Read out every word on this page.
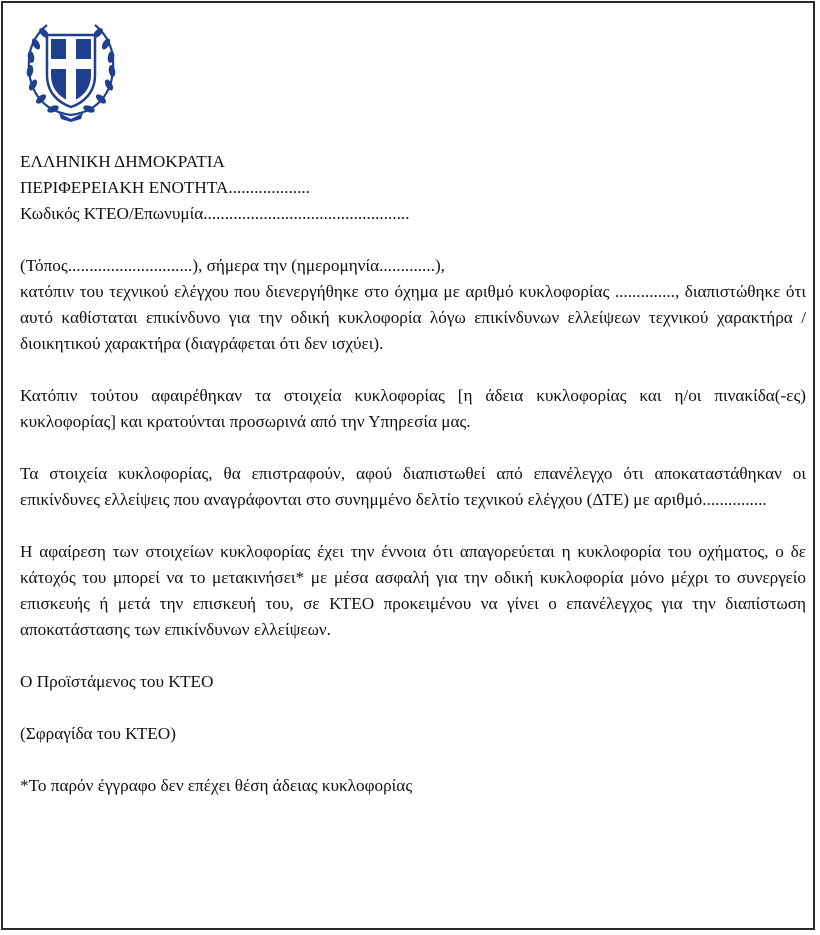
ΕΛΛΗΝΙΚΗ ΔΗΜΟΚΡΑΤΙΑ
ΠΕΡΙΦΕΡΕΙΑΚΗ ΕΝΟΤΗΤΑ...................
Κωδικός ΚΤΕΟ/Επωνυμία................................................

(Τόπος.............................), σήμερα την (ημερομηνία.............),

κατόπιν του τεχνικού ελέγχου που διενεργήθηκε στο όχημα με αριθμό κυκλοφορίας .............., διαπιστώθηκε ότι αυτό καθίσταται επικίνδυνο για την οδική κυκλοφορία λόγω επικίνδυνων ελλείψεων τεχνικού χαρακτήρα / διοικητικού χαρακτήρα (διαγράφεται ότι δεν ισχύει).

Κατόπιν τούτου αφαιρέθηκαν τα στοιχεία κυκλοφορίας [η άδεια κυκλοφορίας και η/οι πινακίδα(-ες) κυκλοφορίας] και κρατούνται προσωρινά από την Υπηρεσία μας.

Τα στοιχεία κυκλοφορίας, θα επιστραφούν, αφού διαπιστωθεί από επανέλεγχο ότι αποκαταστάθηκαν οι επικίνδυνες ελλείψεις που αναγράφονται στο συνημμένο δελτίο τεχνικού ελέγχου (ΔΤΕ) με αριθμό...............

Η αφαίρεση των στοιχείων κυκλοφορίας έχει την έννοια ότι απαγορεύεται η κυκλοφορία του οχήματος, ο δε κάτοχός του μπορεί να το μετακινήσει* με μέσα ασφαλή για την οδική κυκλοφορία μόνο μέχρι το συνεργείο επισκευής ή μετά την επισκευή του, σε ΚΤΕΟ προκειμένου να γίνει ο επανέλεγχος για την διαπίστωση αποκατάστασης των επικίνδυνων ελλείψεων.

Ο Προϊστάμενος του ΚΤΕΟ

(Σφραγίδα του ΚΤΕΟ)

*Το παρόν έγγραφο δεν επέχει θέση άδειας κυκλοφορίας
